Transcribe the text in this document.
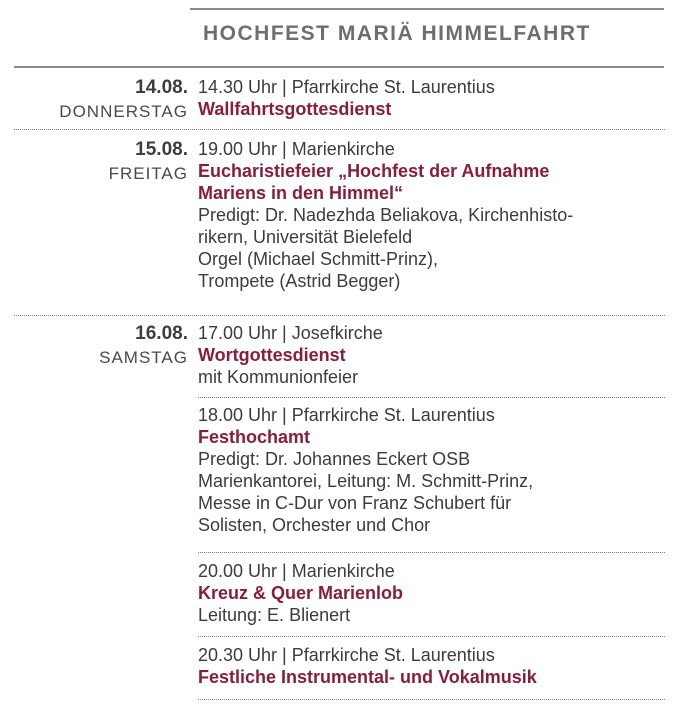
HOCHFEST MARIÄ HIMMELFAHRT
14.08.
DONNERSTAG
14.30 Uhr | Pfarrkirche St. Laurentius
Wallfahrtsgottesdienst
15.08.
FREITAG
19.00 Uhr | Marienkirche
Eucharistiefeier „Hochfest der Aufnahme
Mariens in den Himmel“
Predigt: Dr. Nadezhda Beliakova, Kirchenhisto-
rikern, Universität Bielefeld
Orgel (Michael Schmitt-Prinz),
Trompete (Astrid Begger)
16.08.
SAMSTAG
17.00 Uhr | Josefkirche
Wortgottesdienst
mit Kommunionfeier
18.00 Uhr | Pfarrkirche St. Laurentius
Festhochamt
Predigt: Dr. Johannes Eckert OSB
Marienkantorei, Leitung: M. Schmitt-Prinz,
Messe in C-Dur von Franz Schubert für
Solisten, Orchester und Chor
20.00 Uhr | Marienkirche
Kreuz & Quer Marienlob
Leitung: E. Blienert
20.30 Uhr | Pfarrkirche St. Laurentius
Festliche Instrumental- und Vokalmusik
